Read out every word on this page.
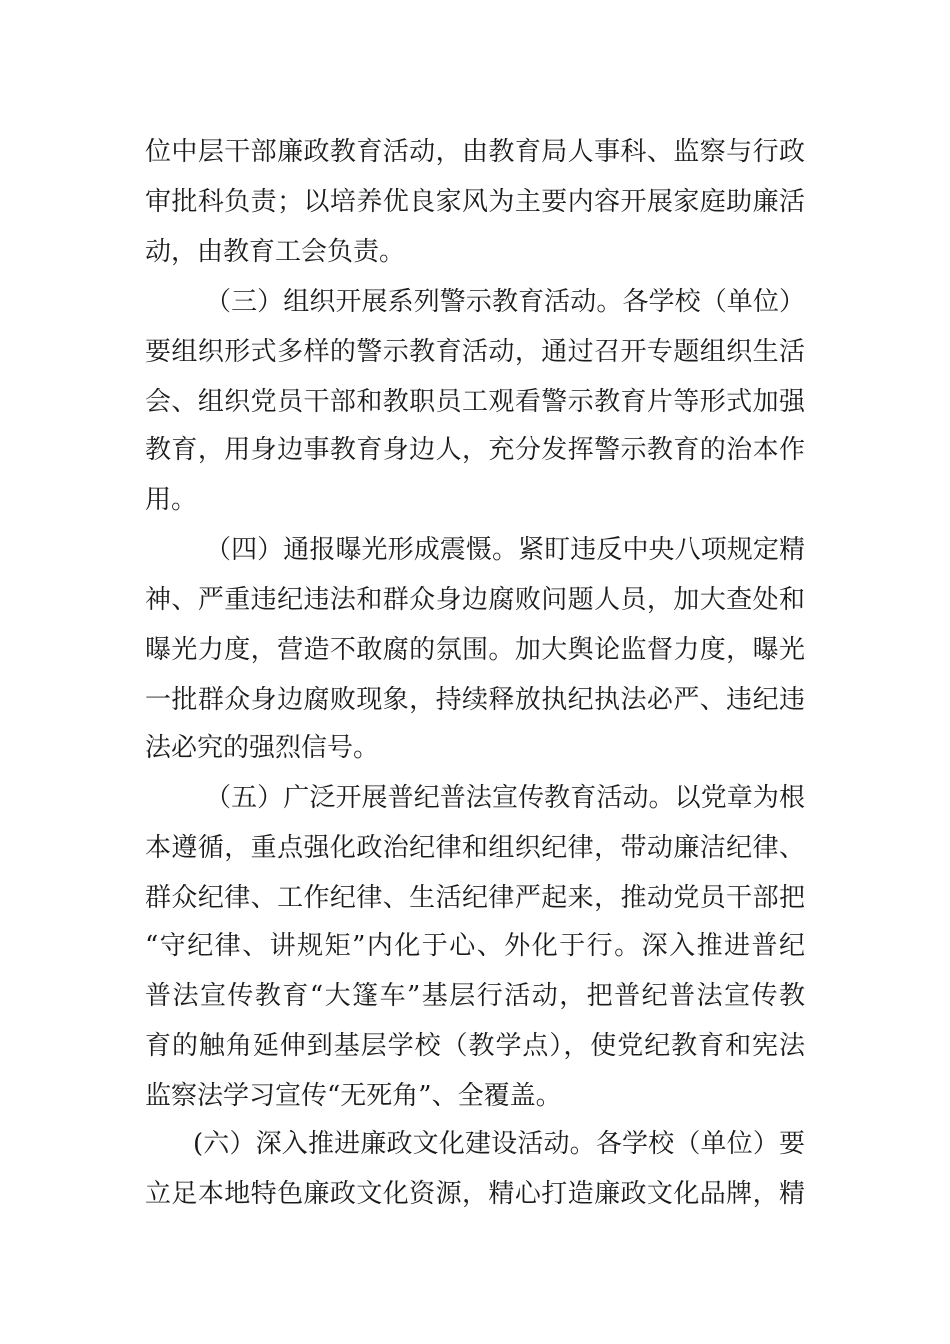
位中层干部廉政教育活动，由教育局人事科、监察与行政
审批科负责；以培养优良家风为主要内容开展家庭助廉活
动，由教育工会负责。
（三）组织开展系列警示教育活动。各学校（单位）
要组织形式多样的警示教育活动，通过召开专题组织生活
会、组织党员干部和教职员工观看警示教育片等形式加强
教育，用身边事教育身边人，充分发挥警示教育的治本作
用。
（四）通报曝光形成震慑。紧盯违反中央八项规定精
神、严重违纪违法和群众身边腐败问题人员，加大查处和
曝光力度，营造不敢腐的氛围。加大舆论监督力度，曝光
一批群众身边腐败现象，持续释放执纪执法必严、违纪违
法必究的强烈信号。
（五）广泛开展普纪普法宣传教育活动。以党章为根
本遵循，重点强化政治纪律和组织纪律，带动廉洁纪律、
群众纪律、工作纪律、生活纪律严起来，推动党员干部把
“守纪律、讲规矩”内化于心、外化于行。深入推进普纪
普法宣传教育“大篷车”基层行活动，把普纪普法宣传教
育的触角延伸到基层学校（教学点），使党纪教育和宪法
监察法学习宣传“无死角”、全覆盖。
(六）深入推进廉政文化建设活动。各学校（单位）要
立足本地特色廉政文化资源，精心打造廉政文化品牌，精
